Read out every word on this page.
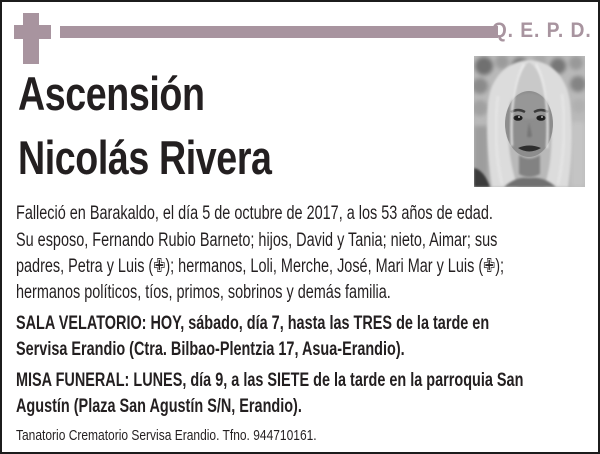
Q. E. P. D.
Ascensión
Nicolás Rivera
Falleció en Barakaldo, el día 5 de octubre de 2017, a los 53 años de edad.
Su esposo, Fernando Rubio Barneto; hijos, David y Tania; nieto, Aimar; sus
padres, Petra y Luis (✙); hermanos, Loli, Merche, José, Mari Mar y Luis (✙);
hermanos políticos, tíos, primos, sobrinos y demás familia.
SALA VELATORIO: HOY, sábado, día 7, hasta las TRES de la tarde en
Servisa Erandio (Ctra. Bilbao-Plentzia 17, Asua-Erandio).
MISA FUNERAL: LUNES, día 9, a las SIETE de la tarde en la parroquia San
Agustín (Plaza San Agustín S/N, Erandio).
Tanatorio Crematorio Servisa Erandio. Tfno. 944710161.
